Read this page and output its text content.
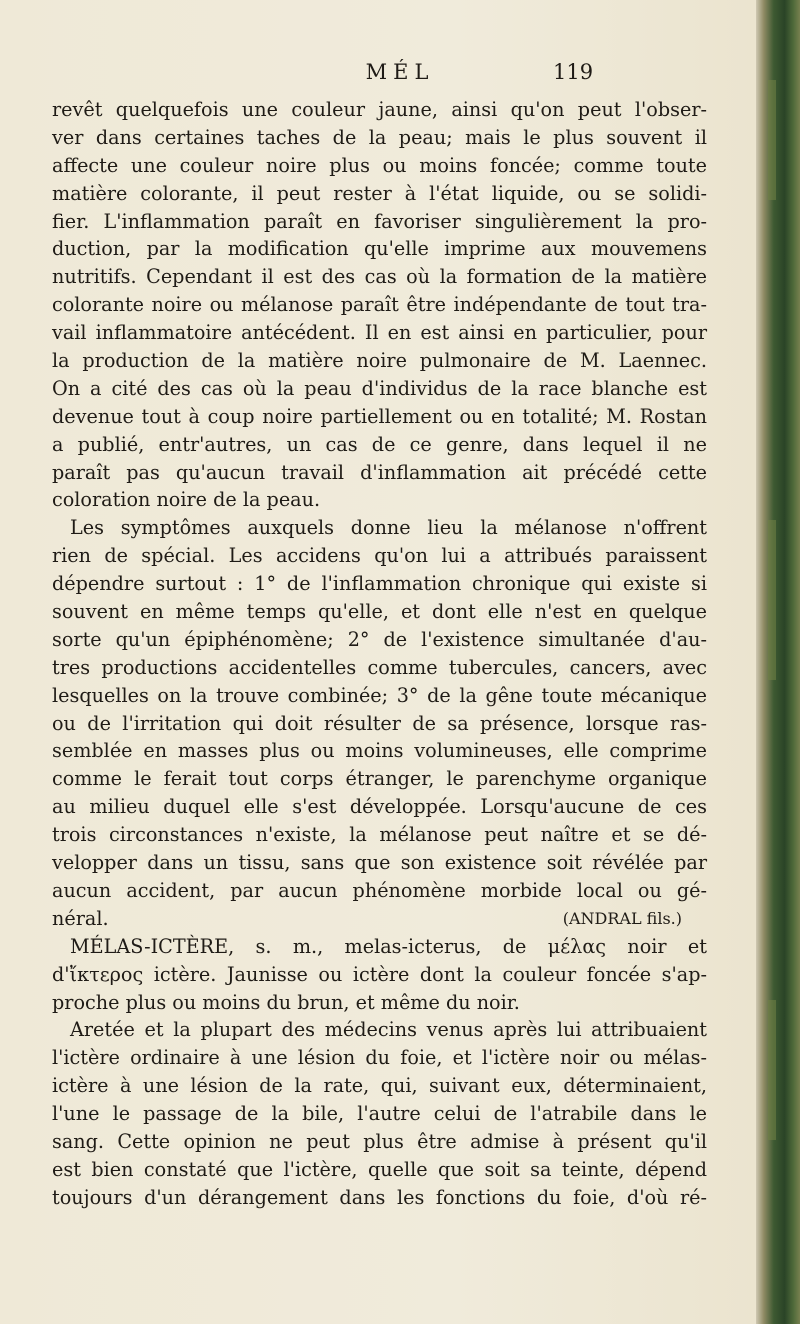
MÉL	119
revêt quelquefois une couleur jaune, ainsi qu'on peut l'obser-
ver dans certaines taches de la peau; mais le plus souvent il
affecte une couleur noire plus ou moins foncée; comme toute
matière colorante, il peut rester à l'état liquide, ou se solidi-
fier. L'inflammation paraît en favoriser singulièrement la pro-
duction, par la modification qu'elle imprime aux mouvemens
nutritifs. Cependant il est des cas où la formation de la matière
colorante noire ou mélanose paraît être indépendante de tout tra-
vail inflammatoire antécédent. Il en est ainsi en particulier, pour
la production de la matière noire pulmonaire de M. Laennec.
On a cité des cas où la peau d'individus de la race blanche est
devenue tout à coup noire partiellement ou en totalité; M. Rostan
a publié, entr'autres, un cas de ce genre, dans lequel il ne
paraît pas qu'aucun travail d'inflammation ait précédé cette
coloration noire de la peau.
Les symptômes auxquels donne lieu la mélanose n'offrent
rien de spécial. Les accidens qu'on lui a attribués paraissent
dépendre surtout : 1° de l'inflammation chronique qui existe si
souvent en même temps qu'elle, et dont elle n'est en quelque
sorte qu'un épiphénomène; 2° de l'existence simultanée d'au-
tres productions accidentelles comme tubercules, cancers, avec
lesquelles on la trouve combinée; 3° de la gêne toute mécanique
ou de l'irritation qui doit résulter de sa présence, lorsque ras-
semblée en masses plus ou moins volumineuses, elle comprime
comme le ferait tout corps étranger, le parenchyme organique
au milieu duquel elle s'est développée. Lorsqu'aucune de ces
trois circonstances n'existe, la mélanose peut naître et se dé-
velopper dans un tissu, sans que son existence soit révélée par
aucun accident, par aucun phénomène morbide local ou gé-
néral.	(ANDRAL fils.)
MÉLAS-ICTÈRE, s. m., melas-icterus, de μέλας noir et
d'ἴκτερος ictère. Jaunisse ou ictère dont la couleur foncée s'ap-
proche plus ou moins du brun, et même du noir.
Aretée et la plupart des médecins venus après lui attribuaient
l'ictère ordinaire à une lésion du foie, et l'ictère noir ou mélas-
ictère à une lésion de la rate, qui, suivant eux, déterminaient,
l'une le passage de la bile, l'autre celui de l'atrabile dans le
sang. Cette opinion ne peut plus être admise à présent qu'il
est bien constaté que l'ictère, quelle que soit sa teinte, dépend
toujours d'un dérangement dans les fonctions du foie, d'où ré-
